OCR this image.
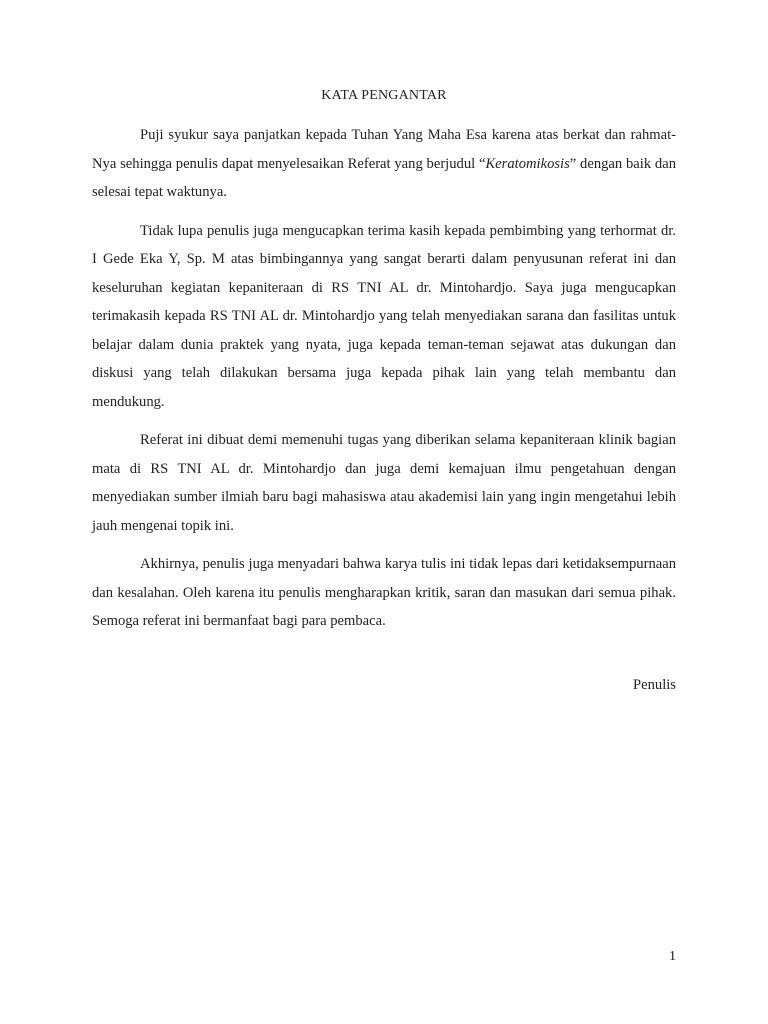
KATA PENGANTAR

Puji syukur saya panjatkan kepada Tuhan Yang Maha Esa karena atas berkat dan rahmat-Nya sehingga penulis dapat menyelesaikan Referat yang berjudul “Keratomikosis” dengan baik dan selesai tepat waktunya.

Tidak lupa penulis juga mengucapkan terima kasih kepada pembimbing yang terhormat dr. I Gede Eka Y, Sp. M atas bimbingannya yang sangat berarti dalam penyusunan referat ini dan keseluruhan kegiatan kepaniteraan di RS TNI AL dr. Mintohardjo. Saya juga mengucapkan terimakasih kepada RS TNI AL dr. Mintohardjo yang telah menyediakan sarana dan fasilitas untuk belajar dalam dunia praktek yang nyata, juga kepada teman-teman sejawat atas dukungan dan diskusi yang telah dilakukan bersama juga kepada pihak lain yang telah membantu dan mendukung.

Referat ini dibuat demi memenuhi tugas yang diberikan selama kepaniteraan klinik bagian mata di RS TNI AL dr. Mintohardjo dan juga demi kemajuan ilmu pengetahuan dengan menyediakan sumber ilmiah baru bagi mahasiswa atau akademisi lain yang ingin mengetahui lebih jauh mengenai topik ini.

Akhirnya, penulis juga menyadari bahwa karya tulis ini tidak lepas dari ketidaksempurnaan dan kesalahan. Oleh karena itu penulis mengharapkan kritik, saran dan masukan dari semua pihak. Semoga referat ini bermanfaat bagi para pembaca.

Penulis
1
